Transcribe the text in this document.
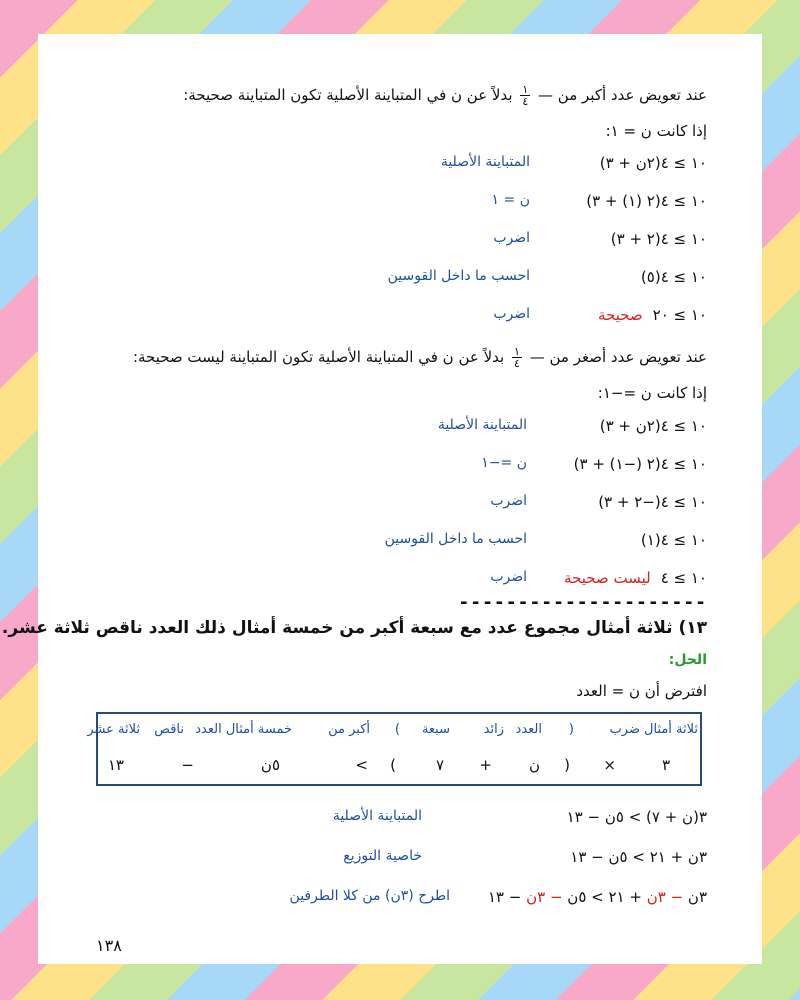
عند تعويض عدد أكبر من —
$\frac{١}{٤}$
بدلاً عن ن في المتباينة الأصلية تكون المتباينة صحيحة:
إذا كانت ن = ١:
١٠ ≥ ٤(٢ن + ٣)
المتباينة الأصلية
١٠ ≥ ٤(٢ (١) + ٣)
ن = ١
١٠ ≥ ٤(٢ + ٣)
اضرب
١٠ ≥ ٤(٥)
احسب ما داخل القوسين
١٠ ≥ ٢٠صحيحة
اضرب
عند تعويض عدد أصغر من —
$\frac{١}{٤}$
بدلاً عن ن في المتباينة الأصلية تكون المتباينة ليست صحيحة:
إذا كانت ن =−١:
١٠ ≥ ٤(٢ن + ٣)
المتباينة الأصلية
١٠ ≥ ٤(٢ (−١) + ٣)
ن =−١
١٠ ≥ ٤(−٢ + ٣)
اضرب
١٠ ≥ ٤(١)
احسب ما داخل القوسين
١٠ ≥ ٤ليست صحيحة
اضرب
---------------------
١٣) ثلاثة أمثال مجموع عدد مع سبعة أكبر من خمسة أمثال ذلك العدد ناقص ثلاثة عشر.
الحل:
افترض أن ن = العدد
ثلاثة أمثال
ضرب
(
العدد
زائد
سبعة
)
أكبر من
خمسة أمثال العدد
ناقص
ثلاثة عشر
٣
×
(
ن
+
٧
)
>
٥ن
−
١٣
٣(ن + ٧) > ٥ن − ١٣
المتباينة الأصلية
٣ن + ٢١ > ٥ن − ١٣
خاصية التوزيع
٣ن − ٣ن + ٢١ > ٥ن − ٣ن − ١٣
اطرح (٣ن) من كلا الطرفين
١٣٨
